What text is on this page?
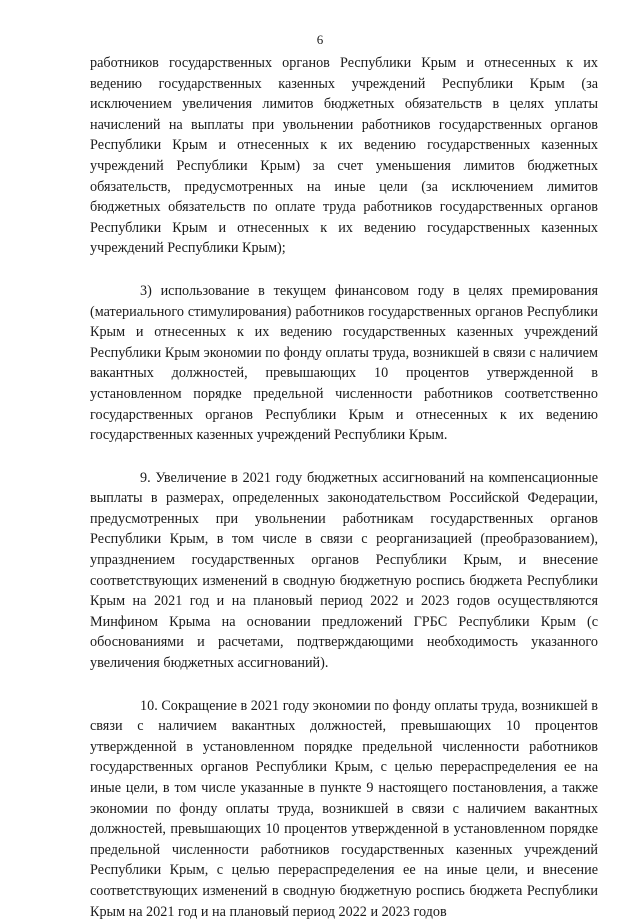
6

работников государственных органов Республики Крым и отнесенных к их ведению государственных казенных учреждений Республики Крым (за исключением увеличения лимитов бюджетных обязательств в целях уплаты начислений на выплаты при увольнении работников государственных органов Республики Крым и отнесенных к их ведению государственных казенных учреждений Республики Крым) за счет уменьшения лимитов бюджетных обязательств, предусмотренных на иные цели (за исключением лимитов бюджетных обязательств по оплате труда работников государственных органов Республики Крым и отнесенных к их ведению государственных казенных учреждений Республики Крым);

3) использование в текущем финансовом году в целях премирования (материального стимулирования) работников государственных органов Республики Крым и отнесенных к их ведению государственных казенных учреждений Республики Крым экономии по фонду оплаты труда, возникшей в связи с наличием вакантных должностей, превышающих 10 процентов утвержденной в установленном порядке предельной численности работников соответственно государственных органов Республики Крым и отнесенных к их ведению государственных казенных учреждений Республики Крым.

9. Увеличение в 2021 году бюджетных ассигнований на компенсационные выплаты в размерах, определенных законодательством Российской Федерации, предусмотренных при увольнении работникам государственных органов Республики Крым, в том числе в связи с реорганизацией (преобразованием), упразднением государственных органов Республики Крым, и внесение соответствующих изменений в сводную бюджетную роспись бюджета Республики Крым на 2021 год и на плановый период 2022 и 2023 годов осуществляются Минфином Крыма на основании предложений ГРБС Республики Крым (с обоснованиями и расчетами, подтверждающими необходимость указанного увеличения бюджетных ассигнований).

10. Сокращение в 2021 году экономии по фонду оплаты труда, возникшей в связи с наличием вакантных должностей, превышающих 10 процентов утвержденной в установленном порядке предельной численности работников государственных органов Республики Крым, с целью перераспределения ее на иные цели, в том числе указанные в пункте 9 настоящего постановления, а также экономии по фонду оплаты труда, возникшей в связи с наличием вакантных должностей, превышающих 10 процентов утвержденной в установленном порядке предельной численности работников государственных казенных учреждений Республики Крым, с целью перераспределения ее на иные цели, и внесение соответствующих изменений в сводную бюджетную роспись бюджета Республики Крым на 2021 год и на плановый период 2022 и 2023 годов
